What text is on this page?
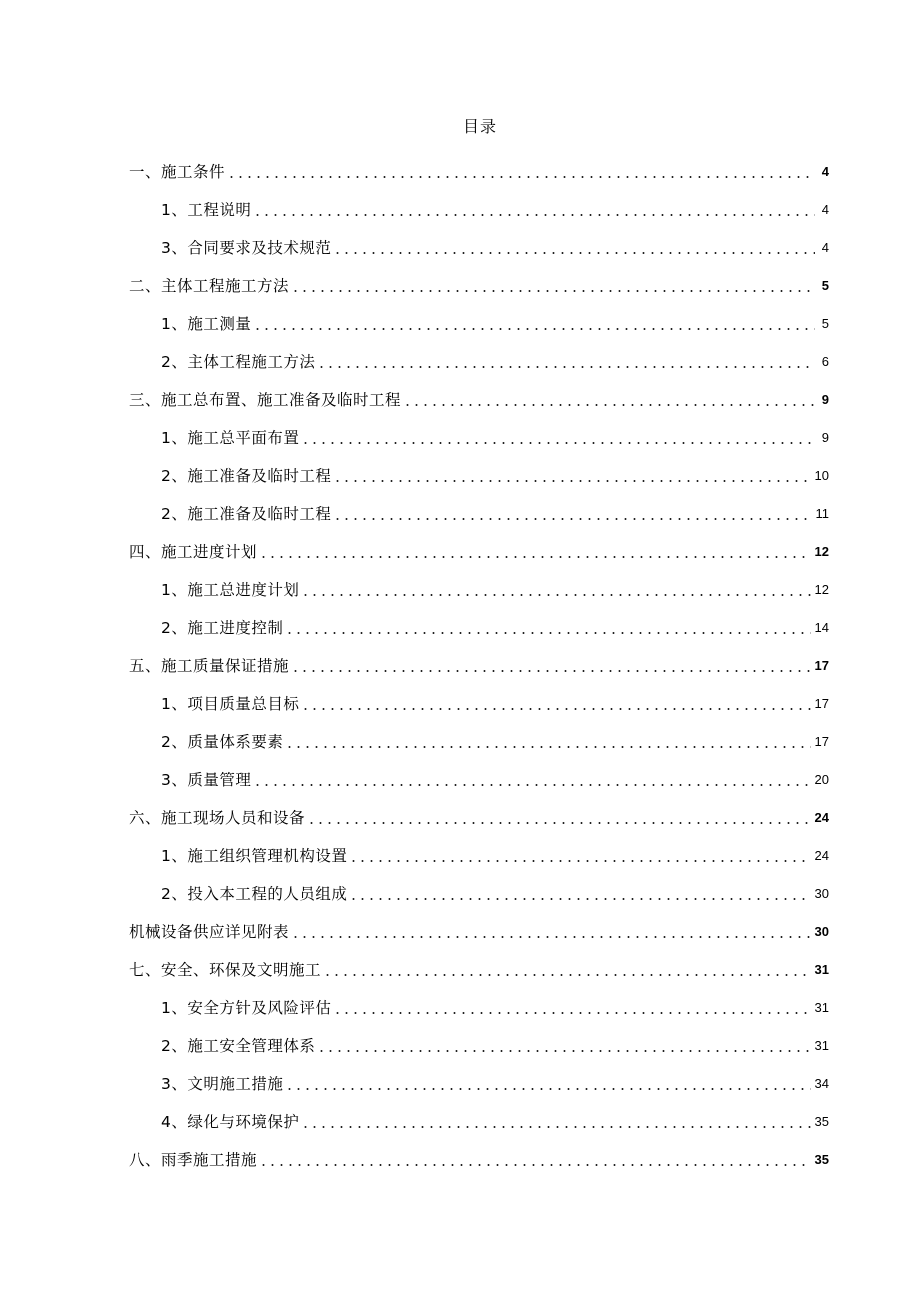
目录
一、施工条件	4
1、工程说明	4
3、合同要求及技术规范	4
二、主体工程施工方法	5
1、施工测量	5
2、主体工程施工方法	6
三、施工总布置、施工准备及临时工程	9
1、施工总平面布置	9
2、施工准备及临时工程	10
2、施工准备及临时工程	11
四、施工进度计划	12
1、施工总进度计划	12
2、施工进度控制	14
五、施工质量保证措施	17
1、项目质量总目标	17
2、质量体系要素	17
3、质量管理	20
六、施工现场人员和设备	24
1、施工组织管理机构设置	24
2、投入本工程的人员组成	30
机械设备供应详见附表	30
七、安全、环保及文明施工	31
1、安全方针及风险评估	31
2、施工安全管理体系	31
3、文明施工措施	34
4、绿化与环境保护	35
八、雨季施工措施	35
